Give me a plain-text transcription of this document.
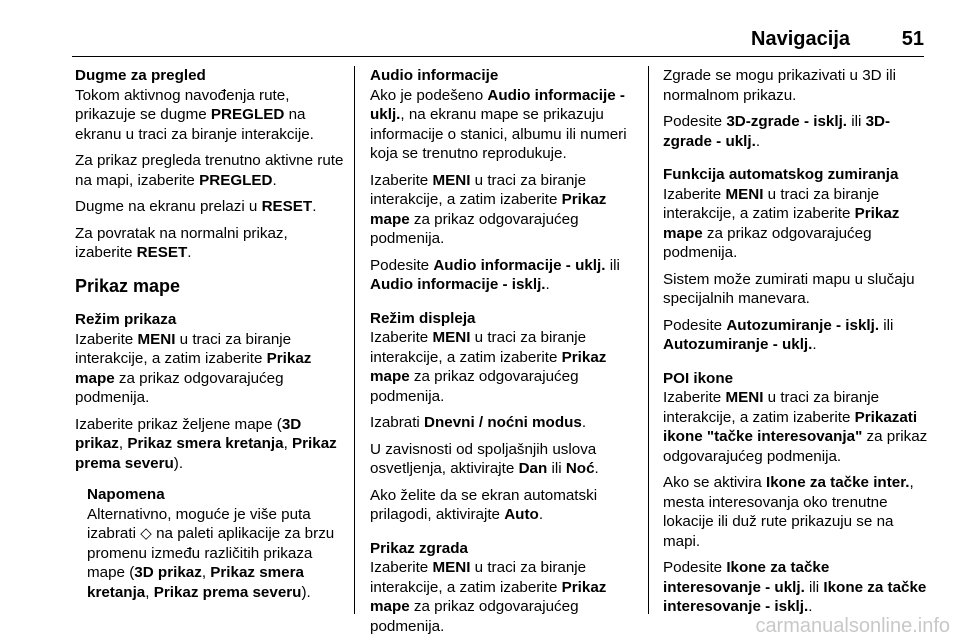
Navigacija	51

Dugme za pregled

Tokom aktivnog navođenja rute, prikazuje se dugme PREGLED na ekranu u traci za biranje interakcije.

Za prikaz pregleda trenutno aktivne rute na mapi, izaberite PREGLED.

Dugme na ekranu prelazi u RESET.

Za povratak na normalni prikaz, izaberite RESET.

Prikaz mape

Režim prikaza

Izaberite MENI u traci za biranje interakcije, a zatim izaberite Prikaz mape za prikaz odgovarajućeg podmenija.

Izaberite prikaz željene mape (3D prikaz, Prikaz smera kretanja, Prikaz prema severu).

Napomena

Alternativno, moguće je više puta izabrati ◇ na paleti aplikacije za brzu promenu između različitih prikaza mape (3D prikaz, Prikaz smera kretanja, Prikaz prema severu).

Audio informacije

Ako je podešeno Audio informacije - uklj., na ekranu mape se prikazuju informacije o stanici, albumu ili numeri koja se trenutno reprodukuje.

Izaberite MENI u traci za biranje interakcije, a zatim izaberite Prikaz mape za prikaz odgovarajućeg podmenija.

Podesite Audio informacije - uklj. ili Audio informacije - isklj..

Režim displeja

Izaberite MENI u traci za biranje interakcije, a zatim izaberite Prikaz mape za prikaz odgovarajućeg podmenija.

Izabrati Dnevni / noćni modus.

U zavisnosti od spoljašnjih uslova osvetljenja, aktivirajte Dan ili Noć.

Ako želite da se ekran automatski prilagodi, aktivirajte Auto.

Prikaz zgrada

Izaberite MENI u traci za biranje interakcije, a zatim izaberite Prikaz mape za prikaz odgovarajućeg podmenija.

Zgrade se mogu prikazivati u 3D ili normalnom prikazu.

Podesite 3D-zgrade - isklj. ili 3D-zgrade - uklj..

Funkcija automatskog zumiranja

Izaberite MENI u traci za biranje interakcije, a zatim izaberite Prikaz mape za prikaz odgovarajućeg podmenija.

Sistem može zumirati mapu u slučaju specijalnih manevara.

Podesite Autozumiranje - isklj. ili Autozumiranje - uklj..

POI ikone

Izaberite MENI u traci za biranje interakcije, a zatim izaberite Prikazati ikone "tačke interesovanja" za prikaz odgovarajućeg podmenija.

Ako se aktivira Ikone za tačke inter., mesta interesovanja oko trenutne lokacije ili duž rute prikazuju se na mapi.

Podesite Ikone za tačke interesovanje - uklj. ili Ikone za tačke interesovanje - isklj..

carmanualsonline.info
